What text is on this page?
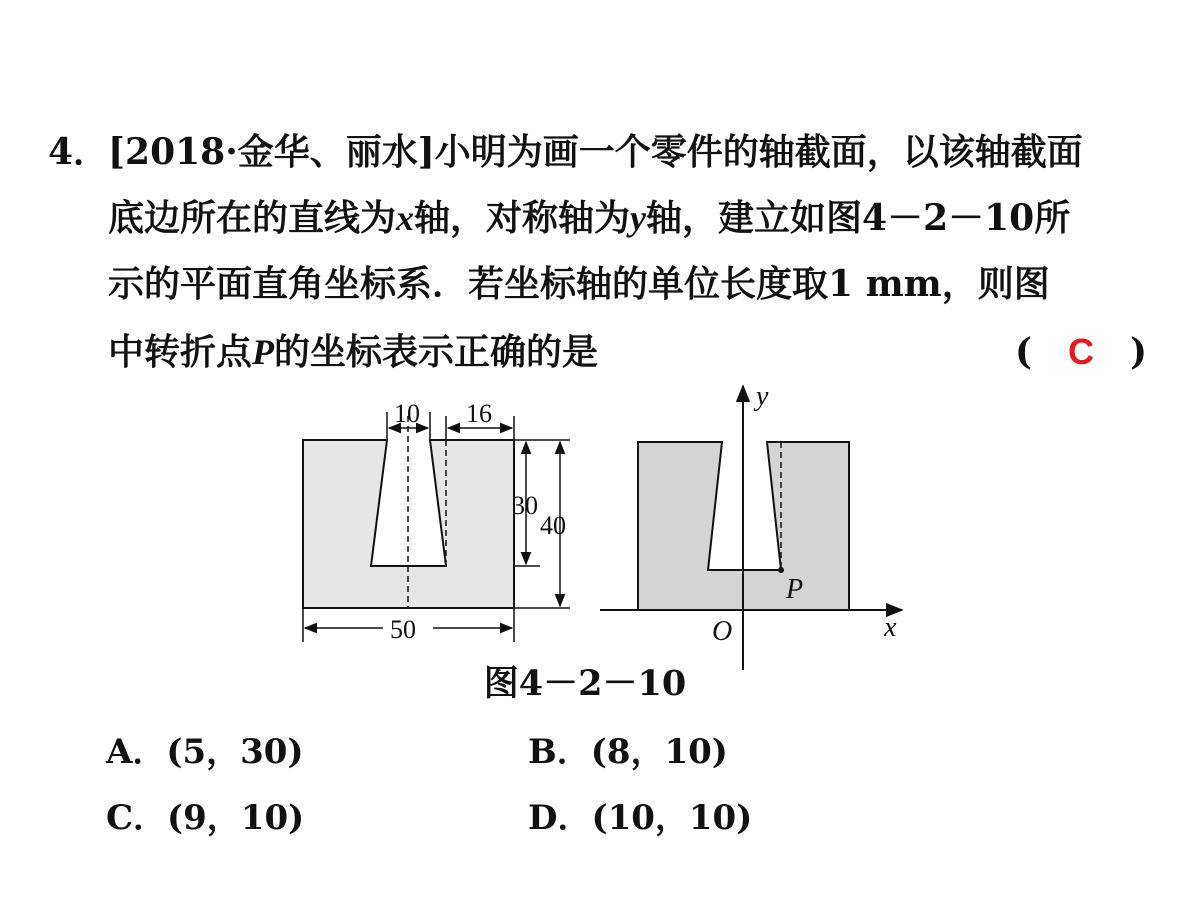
4．
[2018·金华、丽水]小明为画一个零件的轴截面，以该轴截面
底边所在的直线为x轴，对称轴为y轴，建立如图4－2－10所
示的平面直角坐标系．若坐标轴的单位长度取1 mm，则图
中转折点P的坐标表示正确的是	( C )
10 16
30
40
50
y
x
O
P
图4－2－10
A．(5，30)	B．(8，10)
C．(9，10)	D．(10，10)
